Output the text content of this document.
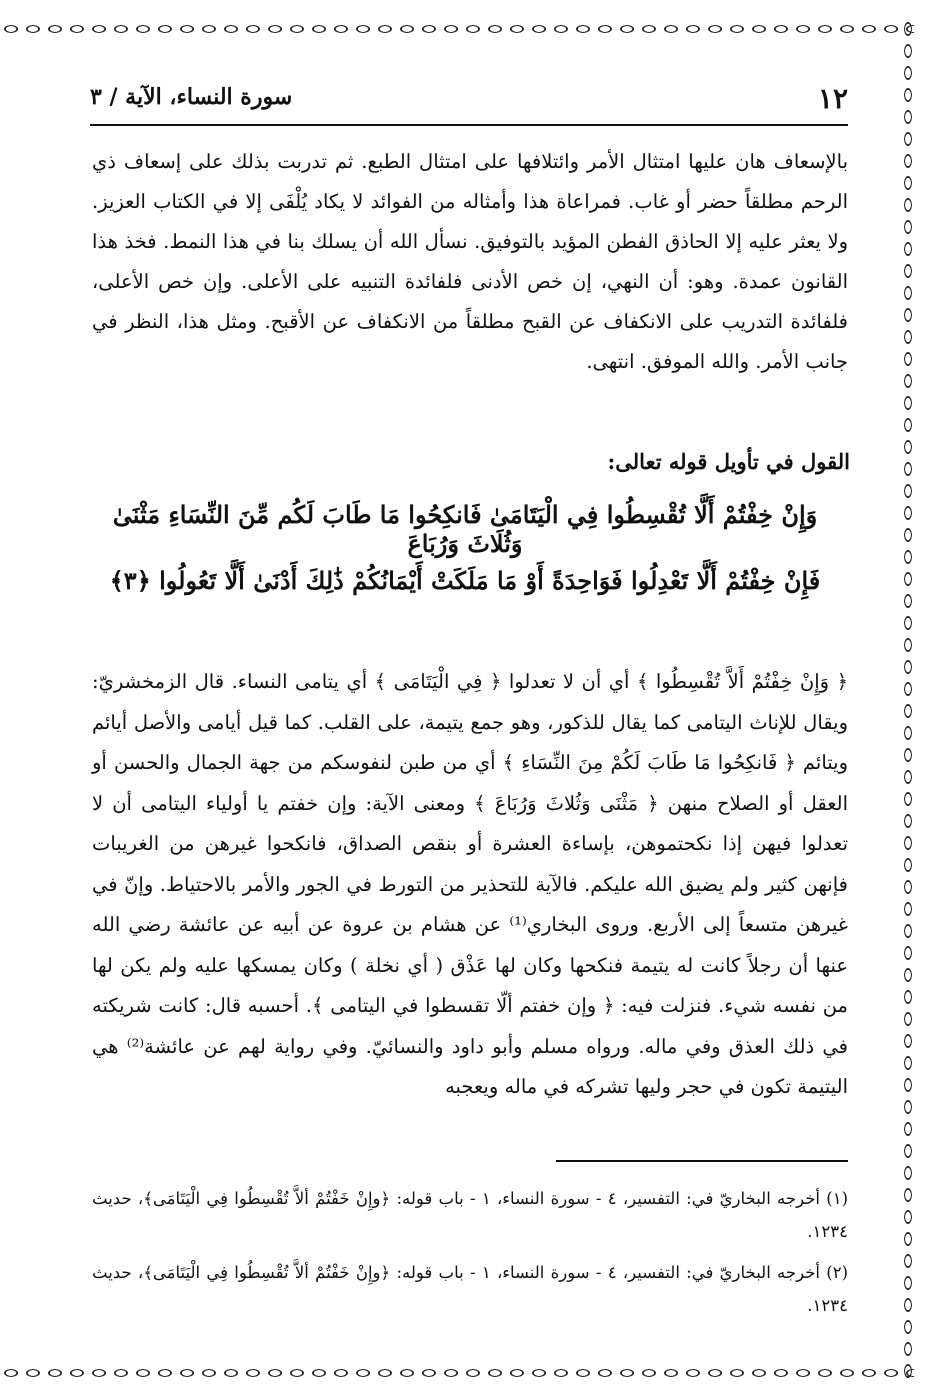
١٢
سورة النساء، الآية / ٣

بالإسعاف هان عليها امتثال الأمر وائتلافها على امتثال الطبع. ثم تدربت بذلك على إسعاف ذي الرحم مطلقاً حضر أو غاب. فمراعاة هذا وأمثاله من الفوائد لا يكاد يُلْفَى إلا في الكتاب العزيز. ولا يعثر عليه إلا الحاذق الفطن المؤيد بالتوفيق. نسأل الله أن يسلك بنا في هذا النمط. فخذ هذا القانون عمدة. وهو: أن النهي، إن خص الأدنى فلفائدة التنبيه على الأعلى. وإن خص الأعلى، فلفائدة التدريب على الانكفاف عن القبح مطلقاً من الانكفاف عن الأقبح. ومثل هذا، النظر في جانب الأمر. والله الموفق. انتهى.

القول في تأويل قوله تعالى:
وَإِنْ خِفْتُمْ أَلَّا تُقْسِطُوا فِي الْيَتَامَىٰ فَانكِحُوا مَا طَابَ لَكُم مِّنَ النِّسَاءِ مَثْنَىٰ وَثُلَاثَ وَرُبَاعَ
فَإِنْ خِفْتُمْ أَلَّا تَعْدِلُوا فَوَاحِدَةً أَوْ مَا مَلَكَتْ أَيْمَانُكُمْ ذَٰلِكَ أَدْنَىٰ أَلَّا تَعُولُوا ﴿٣﴾

﴿ وَإِنْ خِفْتُمْ أَلاَّ تُقْسِطُوا ﴾ أي أن لا تعدلوا ﴿ فِي الْيَتَامَى ﴾ أي يتامى النساء. قال الزمخشريّ: ويقال للإناث اليتامى كما يقال للذكور، وهو جمع يتيمة، على القلب. كما قيل أيامى والأصل أيائم ويتائم ﴿ فَانكِحُوا مَا طَابَ لَكُمْ مِنَ النِّسَاءِ ﴾ أي من طبن لنفوسكم من جهة الجمال والحسن أو العقل أو الصلاح منهن ﴿ مَثْنَى وَثُلاثَ وَرُبَاعَ ﴾ ومعنى الآية: وإن خفتم يا أولياء اليتامى أن لا تعدلوا فيهن إذا نكحتموهن، بإساءة العشرة أو بنقص الصداق، فانكحوا غيرهن من الغريبات فإنهن كثير ولم يضيق الله عليكم. فالآية للتحذير من التورط في الجور والأمر بالاحتياط. وإنّ في غيرهن متسعاً إلى الأربع. وروى البخاري⁽¹⁾ عن هشام بن عروة عن أبيه عن عائشة رضي الله عنها أن رجلاً كانت له يتيمة فنكحها وكان لها عَذْق ( أي نخلة ) وكان يمسكها عليه ولم يكن لها من نفسه شيء. فنزلت فيه: ﴿ وإن خفتم ألّا تقسطوا في اليتامى ﴾. أحسبه قال: كانت شريكته في ذلك العذق وفي ماله. ورواه مسلم وأبو داود والنسائيّ. وفي رواية لهم عن عائشة⁽²⁾ هي اليتيمة تكون في حجر وليها تشركه في ماله ويعجبه

(١) أخرجه البخاريّ في: التفسير، ٤ - سورة النساء، ١ - باب قوله: ﴿وإِنْ خَفْتُمْ ألاَّ تُقْسِطُوا فِي الْيَتَامَى﴾، حديث ١٢٣٤.

(٢) أخرجه البخاريّ في: التفسير، ٤ - سورة النساء، ١ - باب قوله: ﴿وإِنْ خَفْتُمْ ألاَّ تُقْسِطُوا فِي الْيَتَامَى﴾، حديث ١٢٣٤.
